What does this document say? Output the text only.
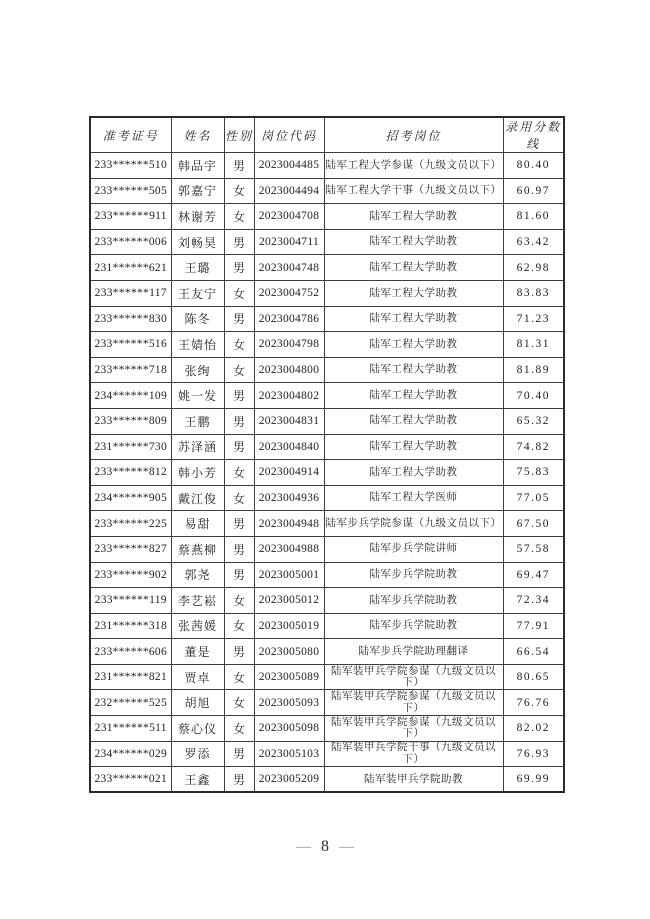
准考证号	姓名	性别	岗位代码	招考岗位	录用分数线
233******510	韩品宇	男	2023004485	陆军工程大学参谋（九级文员以下）	80.40
233******505	郭嘉宁	女	2023004494	陆军工程大学干事（九级文员以下）	60.97
233******911	林谢芳	女	2023004708	陆军工程大学助教	81.60
233******006	刘畅昊	男	2023004711	陆军工程大学助教	63.42
231******621	王璐	男	2023004748	陆军工程大学助教	62.98
233******117	王友宁	女	2023004752	陆军工程大学助教	83.83
233******830	陈冬	男	2023004786	陆军工程大学助教	71.23
233******516	王婧怡	女	2023004798	陆军工程大学助教	81.31
233******718	张绚	女	2023004800	陆军工程大学助教	81.89
234******109	姚一发	男	2023004802	陆军工程大学助教	70.40
233******809	王鹏	男	2023004831	陆军工程大学助教	65.32
231******730	苏泽涵	男	2023004840	陆军工程大学助教	74.82
233******812	韩小芳	女	2023004914	陆军工程大学助教	75.83
234******905	戴江俊	女	2023004936	陆军工程大学医师	77.05
233******225	易甜	男	2023004948	陆军步兵学院参谋（九级文员以下）	67.50
233******827	蔡燕柳	男	2023004988	陆军步兵学院讲师	57.58
233******902	郭尧	男	2023005001	陆军步兵学院助教	69.47
233******119	李艺崧	女	2023005012	陆军步兵学院助教	72.34
231******318	张茜媛	女	2023005019	陆军步兵学院助教	77.91
233******606	董是	男	2023005080	陆军步兵学院助理翻译	66.54
231******821	贾卓	女	2023005089	陆军装甲兵学院参谋（九级文员以下）	80.65
232******525	胡旭	女	2023005093	陆军装甲兵学院参谋（九级文员以下）	76.76
231******511	蔡心仪	女	2023005098	陆军装甲兵学院参谋（九级文员以下）	82.02
234******029	罗添	男	2023005103	陆军装甲兵学院干事（九级文员以下）	76.93
233******021	王鑫	男	2023005209	陆军装甲兵学院助教	69.99
— 8 —
